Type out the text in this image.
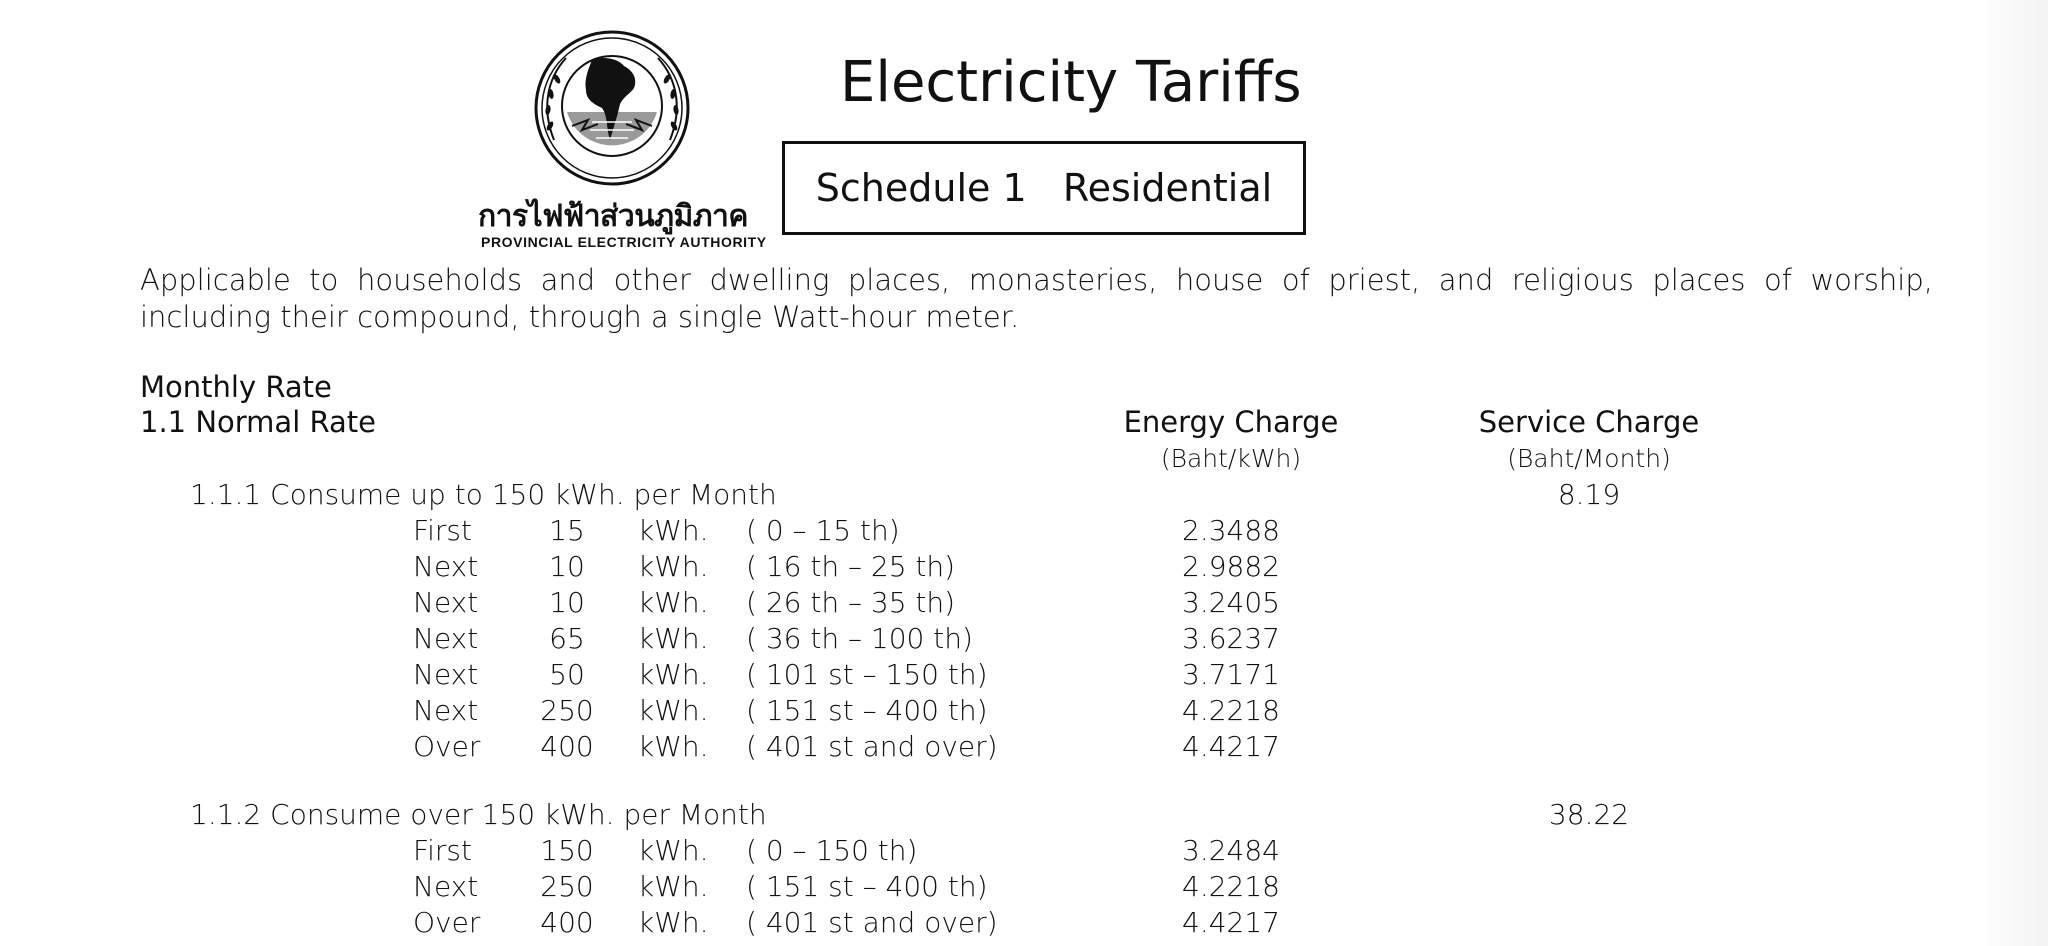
การไฟฟ้าส่วนภูมิภาค
PROVINCIAL ELECTRICITY AUTHORITY
Electricity Tariffs
Schedule 1   Residential
Applicable to households and other dwelling places, monasteries, house of priest, and religious places of worship, including their compound, through a single Watt-hour meter.
Monthly Rate
1.1 Normal Rate	Energy Charge
(Baht/kWh)
Service Charge
(Baht/Month)
1.1.1 Consume up to 150 kWh. per Month	8.19
First	15 kWh. ( 0 – 15 th)	2.3488
Next	10 kWh. ( 16 th – 25 th)	2.9882
Next	10 kWh. ( 26 th – 35 th)	3.2405
Next	65 kWh. ( 36 th – 100 th)	3.6237
Next	50 kWh. ( 101 st – 150 th)	3.7171
Next 250 kWh. ( 151 st – 400 th)	4.2218
Over 400 kWh. ( 401 st and over)	4.4217
1.1.2 Consume over 150 kWh. per Month	38.22
First 150 kWh. ( 0 – 150 th)	3.2484
Next 250 kWh. ( 151 st – 400 th)	4.2218
Over 400 kWh. ( 401 st and over)	4.4217
